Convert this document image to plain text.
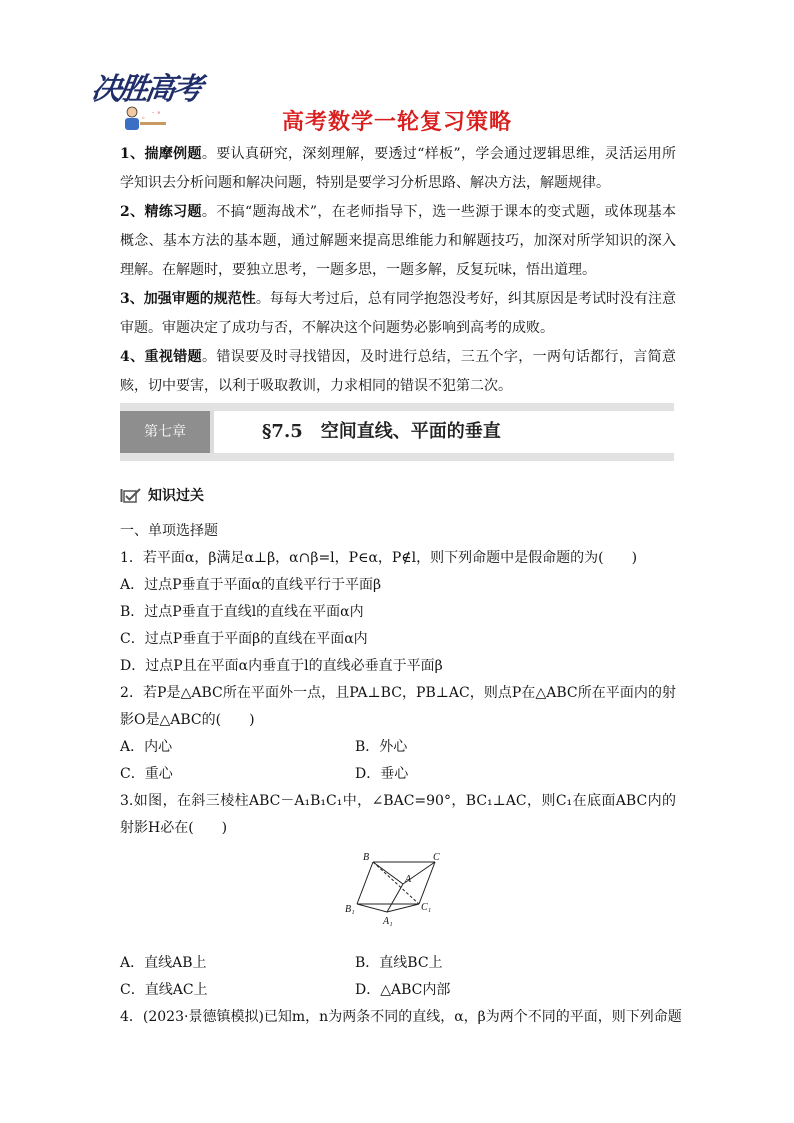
决胜高考
。 ˙ ˚	高考数学一轮复习策略

1、揣摩例题。要认真研究，深刻理解，要透过“样板”，学会通过逻辑思维，灵活运用所学知识去分析问题和解决问题，特别是要学习分析思路、解决方法，解题规律。

2、精练习题。不搞“题海战术”，在老师指导下，选一些源于课本的变式题，或体现基本概念、基本方法的基本题，通过解题来提高思维能力和解题技巧，加深对所学知识的深入理解。在解题时，要独立思考，一题多思，一题多解，反复玩味，悟出道理。

3、加强审题的规范性。每每大考过后，总有同学抱怨没考好，纠其原因是考试时没有注意审题。审题决定了成功与否，不解决这个问题势必影响到高考的成败。

4、重视错题。错误要及时寻找错因，及时进行总结，三五个字，一两句话都行，言简意赅，切中要害，以利于吸取教训，力求相同的错误不犯第二次。

第七章	§7.5　空间直线、平面的垂直
知识过关

一、单项选择题

1．若平面α，β满足α⊥β，α∩β=l，P∈α，P∉l，则下列命题中是假命题的为(　　)

A．过点P垂直于平面α的直线平行于平面β

B．过点P垂直于直线l的直线在平面α内

C．过点P垂直于平面β的直线在平面α内

D．过点P且在平面α内垂直于l的直线必垂直于平面β

2．若P是△ABC所在平面外一点，且PA⊥BC，PB⊥AC，则点P在△ABC所在平面内的射影O是△ABC的(　　)

A．内心	B．外心
C．重心	D．垂心

3.如图，在斜三棱柱ABC－A₁B₁C₁中，∠BAC=90°，BC₁⊥AC，则C₁在底面ABC内的射影H必在(　　)

A．直线AB上	B．直线BC上
C．直线AC上	D．△ABC内部

4．(2023·景德镇模拟)已知m，n为两条不同的直线，α，β为两个不同的平面，则下列命题

B	C
A
B₁	C₁
A₁
